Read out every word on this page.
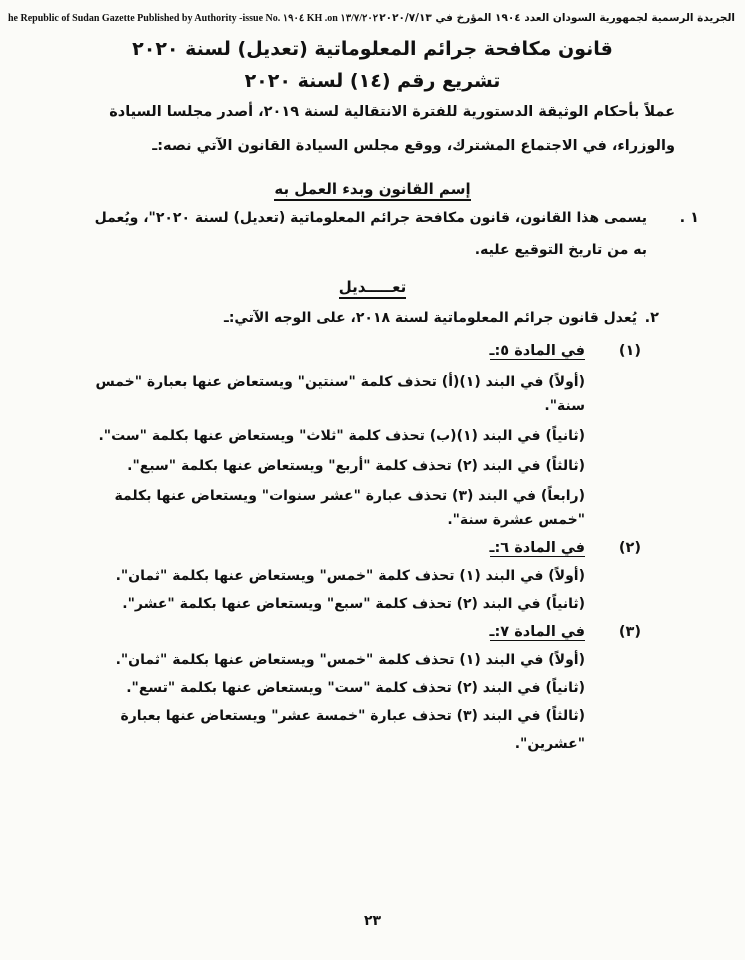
he Republic of Sudan Gazette Published by Authority -issue No. ١٩٠٤ KH .on ١٣/٧/٢٠٢٠
الجريدة الرسمية لجمهورية السودان العدد ١٩٠٤ المؤرخ في ٢٠٢٠/٧/١٣
قانون مكافحة جرائم المعلوماتية (تعديل) لسنة ٢٠٢٠
تشريع رقم (١٤) لسنة ٢٠٢٠
عملاً بأحكام الوثيقة الدستورية للفترة الانتقالية لسنة ٢٠١٩، أصدر مجلسا السيادة
والوزراء، في الاجتماع المشترك، ووقع مجلس السيادة القانون الآتي نصه:ـ
إسم القانون وبدء العمل به
١ .
يسمى هذا القانون، قانون مكافحة جرائم المعلوماتية (تعديل) لسنة ٢٠٢٠"، ويُعمل
به من تاريخ التوقيع عليه.
تعـــــديل
٢.
يُعدل قانون جرائم المعلوماتية لسنة ٢٠١٨، على الوجه الآتي:ـ
(١)
في المادة ٥:ـ
(أولاً) في البند (١)(أ) تحذف كلمة "سنتين" ويستعاض عنها بعبارة "خمس
سنة".
(ثانياً) في البند (١)(ب) تحذف كلمة "ثلاث" ويستعاض عنها بكلمة "ست".
(ثالثاً) في البند (٢) تحذف كلمة "أربع" ويستعاض عنها بكلمة "سبع".
(رابعاً) في البند (٣) تحذف عبارة "عشر سنوات" ويستعاض عنها بكلمة
"خمس عشرة سنة".
(٢)
في المادة ٦:ـ
(أولاً) في البند (١) تحذف كلمة "خمس" ويستعاض عنها بكلمة "ثمان".
(ثانياً) في البند (٢) تحذف كلمة "سبع" ويستعاض عنها بكلمة "عشر".
(٣)
في المادة ٧:ـ
(أولاً) في البند (١) تحذف كلمة "خمس" ويستعاض عنها بكلمة "ثمان".
(ثانياً) في البند (٢) تحذف كلمة "ست" ويستعاض عنها بكلمة "تسع".
(ثالثاً) في البند (٣) تحذف عبارة "خمسة عشر" ويستعاض عنها بعبارة
"عشرين".
٢٣
